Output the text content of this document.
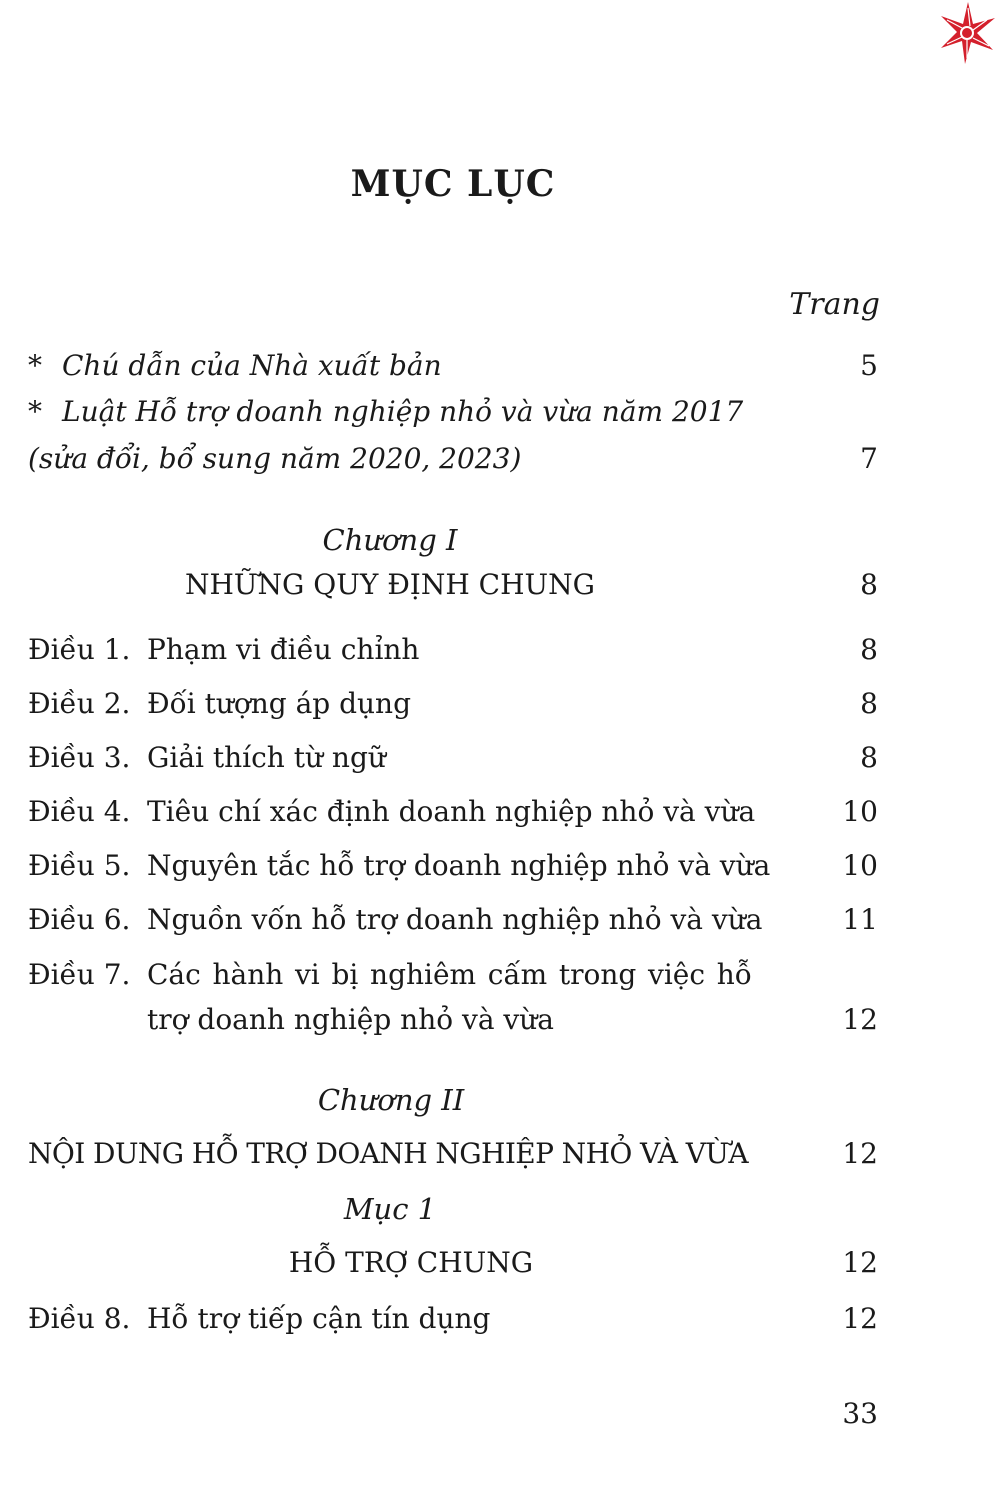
MỤC LỤC
Trang
* Chú dẫn của Nhà xuất bản	5
* Luật Hỗ trợ doanh nghiệp nhỏ và vừa năm 2017
(sửa đổi, bổ sung năm 2020, 2023)	7
Chương I
NHỮNG QUY ĐỊNH CHUNG	8
Điều 1. Phạm vi điều chỉnh	8
Điều 2. Đối tượng áp dụng	8
Điều 3. Giải thích từ ngữ	8
Điều 4. Tiêu chí xác định doanh nghiệp nhỏ và vừa	10
Điều 5. Nguyên tắc hỗ trợ doanh nghiệp nhỏ và vừa	10
Điều 6. Nguồn vốn hỗ trợ doanh nghiệp nhỏ và vừa	11
Điều 7. Các hành vi bị nghiêm cấm trong việc hỗ
trợ doanh nghiệp nhỏ và vừa	12
Chương II
NỘI DUNG HỖ TRỢ DOANH NGHIỆP NHỎ VÀ VỪA	12
Mục 1
HỖ TRỢ CHUNG	12
Điều 8. Hỗ trợ tiếp cận tín dụng	12
33
